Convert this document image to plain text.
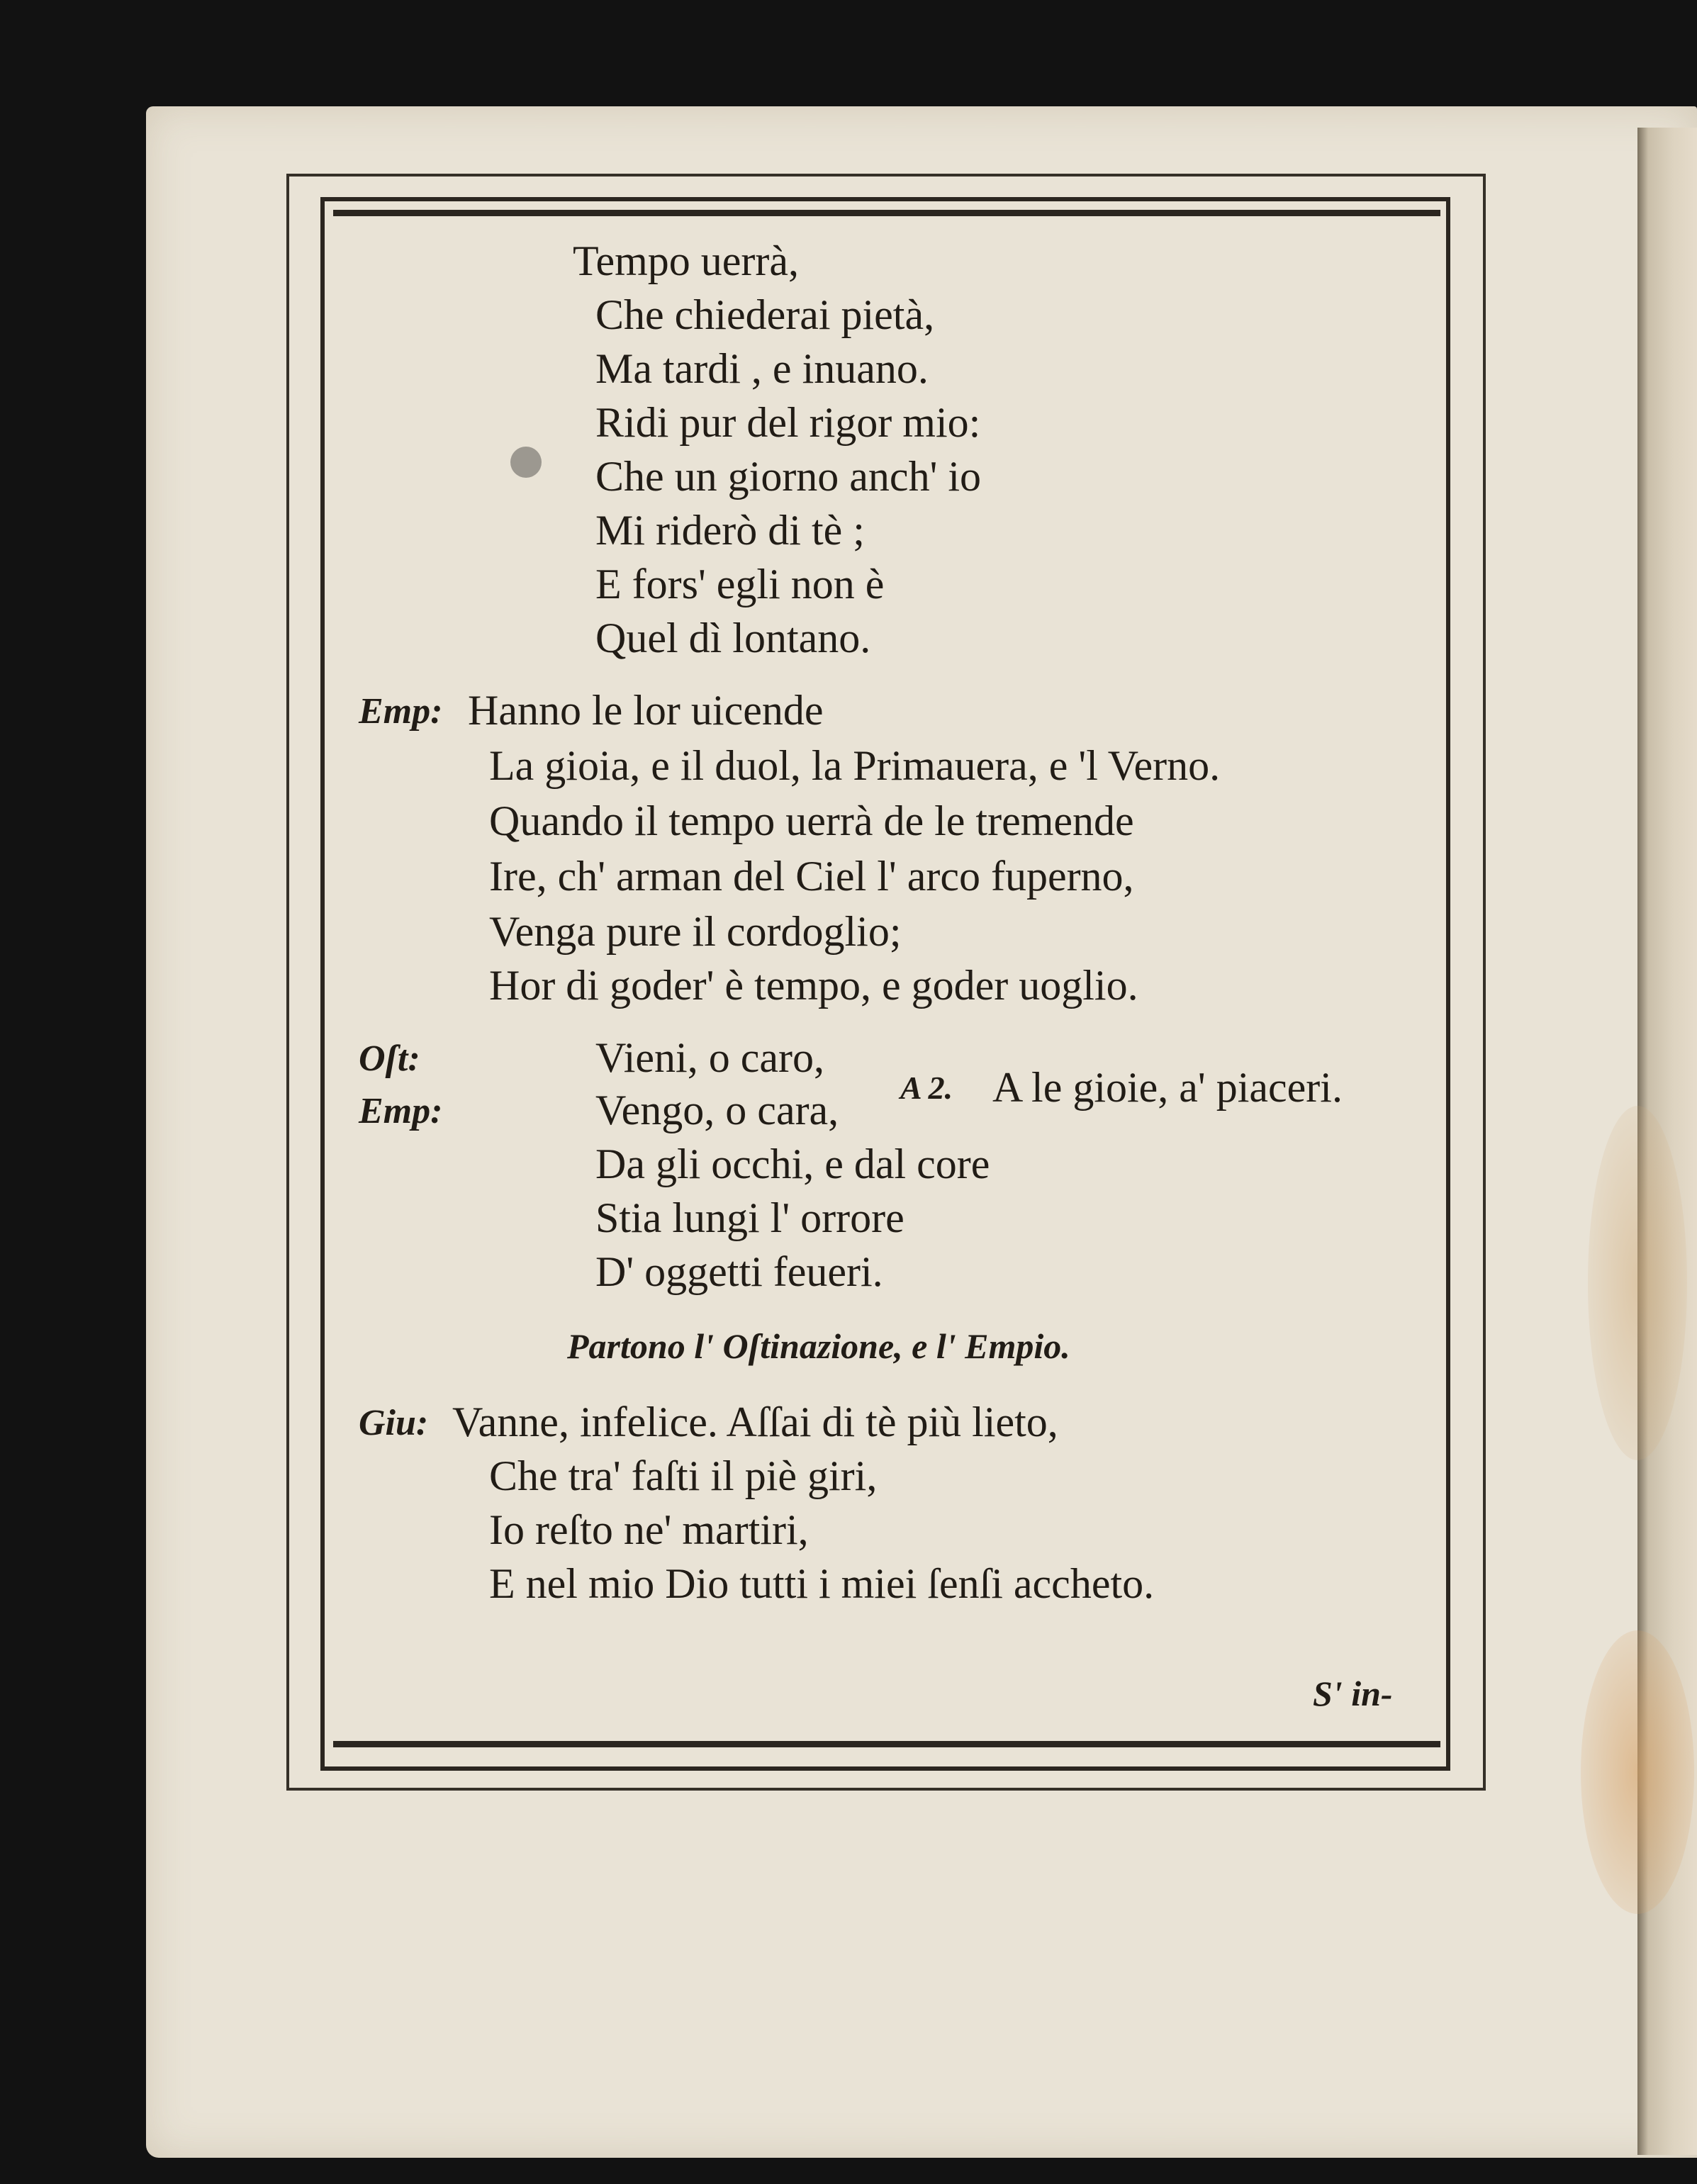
Tempo uerrà,
Che chiederai pietà,
Ma tardi , e inuano.
Ridi pur del rigor mio:
Che un giorno anch' io
Mi riderò di tè ;
E fors' egli non è
Quel dì lontano.
Emp: Hanno le lor uicende
La gioia, e il duol, la Primauera, e 'l Verno.
Quando il tempo uerrà de le tremende
Ire, ch' arman del Ciel l' arco fuperno,
Venga pure il cordoglio;
Hor di goder' è tempo, e goder uoglio.
Oſt:
Emp:
Vieni, o caro,
Vengo, o cara, A 2. A le gioie, a' piaceri.
Da gli occhi, e dal core
Stia lungi l' orrore
D' oggetti feueri.
Partono l' Oſtinazione, e l' Empio.
Giu: Vanne, infelice. Aſſai di tè più lieto,
Che tra' faſti il piè giri,
Io reſto ne' martiri,
E nel mio Dio tutti i miei ſenſi accheto.
S' in-
